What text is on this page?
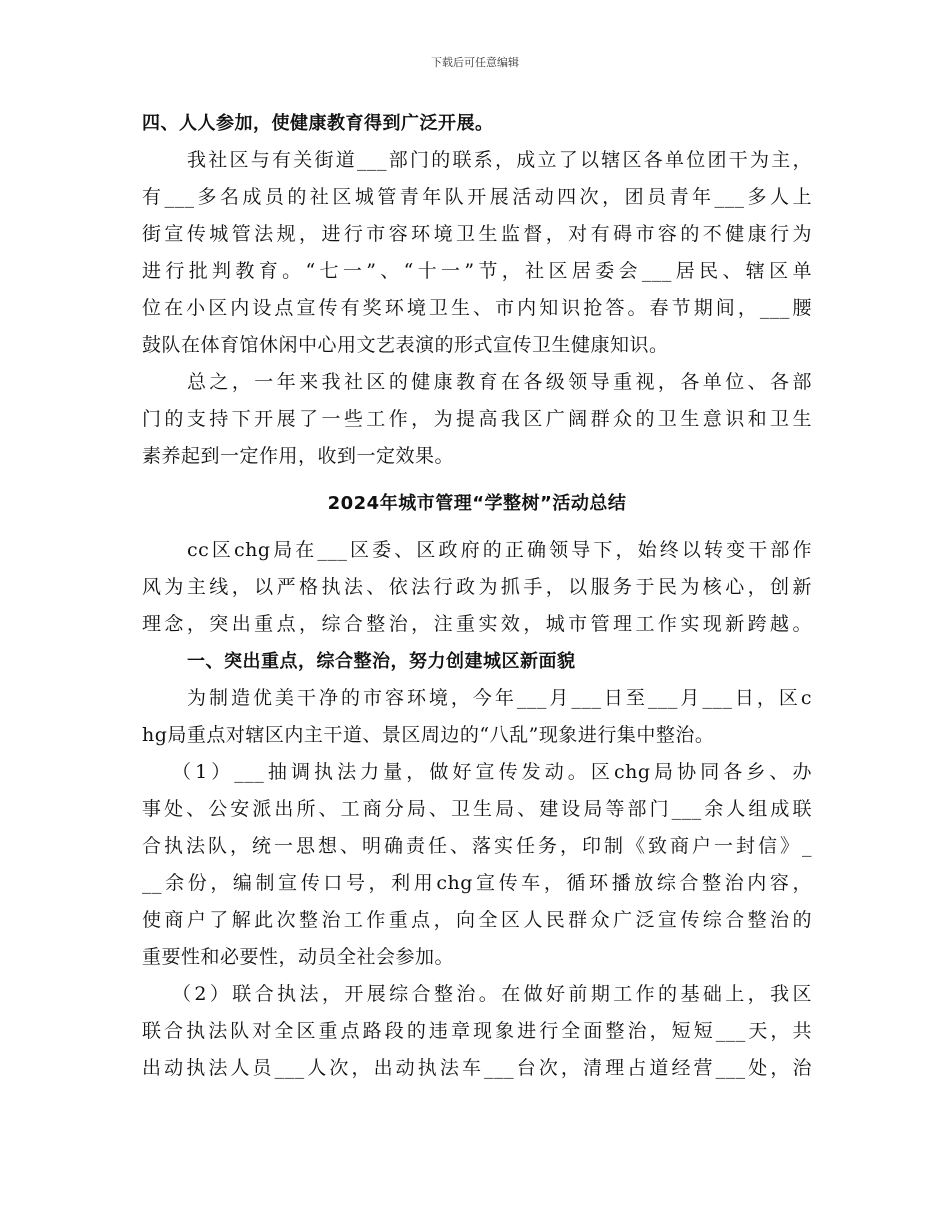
下载后可任意编辑
四、人人参加，使健康教育得到广泛开展。
我社区与有关街道___部门的联系，成立了以辖区各单位团干为主，
有___多名成员的社区城管青年队开展活动四次，团员青年___多人上
街宣传城管法规，进行市容环境卫生监督，对有碍市容的不健康行为
进行批判教育。“七一”、“十一”节，社区居委会___居民、辖区单
位在小区内设点宣传有奖环境卫生、市内知识抢答。春节期间，___腰
鼓队在体育馆休闲中心用文艺表演的形式宣传卫生健康知识。
总之，一年来我社区的健康教育在各级领导重视，各单位、各部
门的支持下开展了一些工作，为提高我区广阔群众的卫生意识和卫生
素养起到一定作用，收到一定效果。
2024年城市管理“学整树”活动总结
cc区chg局在___区委、区政府的正确领导下，始终以转变干部作
风为主线，以严格执法、依法行政为抓手，以服务于民为核心，创新
理念，突出重点，综合整治，注重实效，城市管理工作实现新跨越。
一、突出重点，综合整治，努力创建城区新面貌
为制造优美干净的市容环境，今年___月___日至___月___日，区c
hg局重点对辖区内主干道、景区周边的“八乱”现象进行集中整治。
（1）___抽调执法力量，做好宣传发动。区chg局协同各乡、办
事处、公安派出所、工商分局、卫生局、建设局等部门___余人组成联
合执法队，统一思想、明确责任、落实任务，印制《致商户一封信》_
__余份，编制宣传口号，利用chg宣传车，循环播放综合整治内容，
使商户了解此次整治工作重点，向全区人民群众广泛宣传综合整治的
重要性和必要性，动员全社会参加。
（2）联合执法，开展综合整治。在做好前期工作的基础上，我区
联合执法队对全区重点路段的违章现象进行全面整治，短短___天，共
出动执法人员___人次，出动执法车___台次，清理占道经营___处，治
